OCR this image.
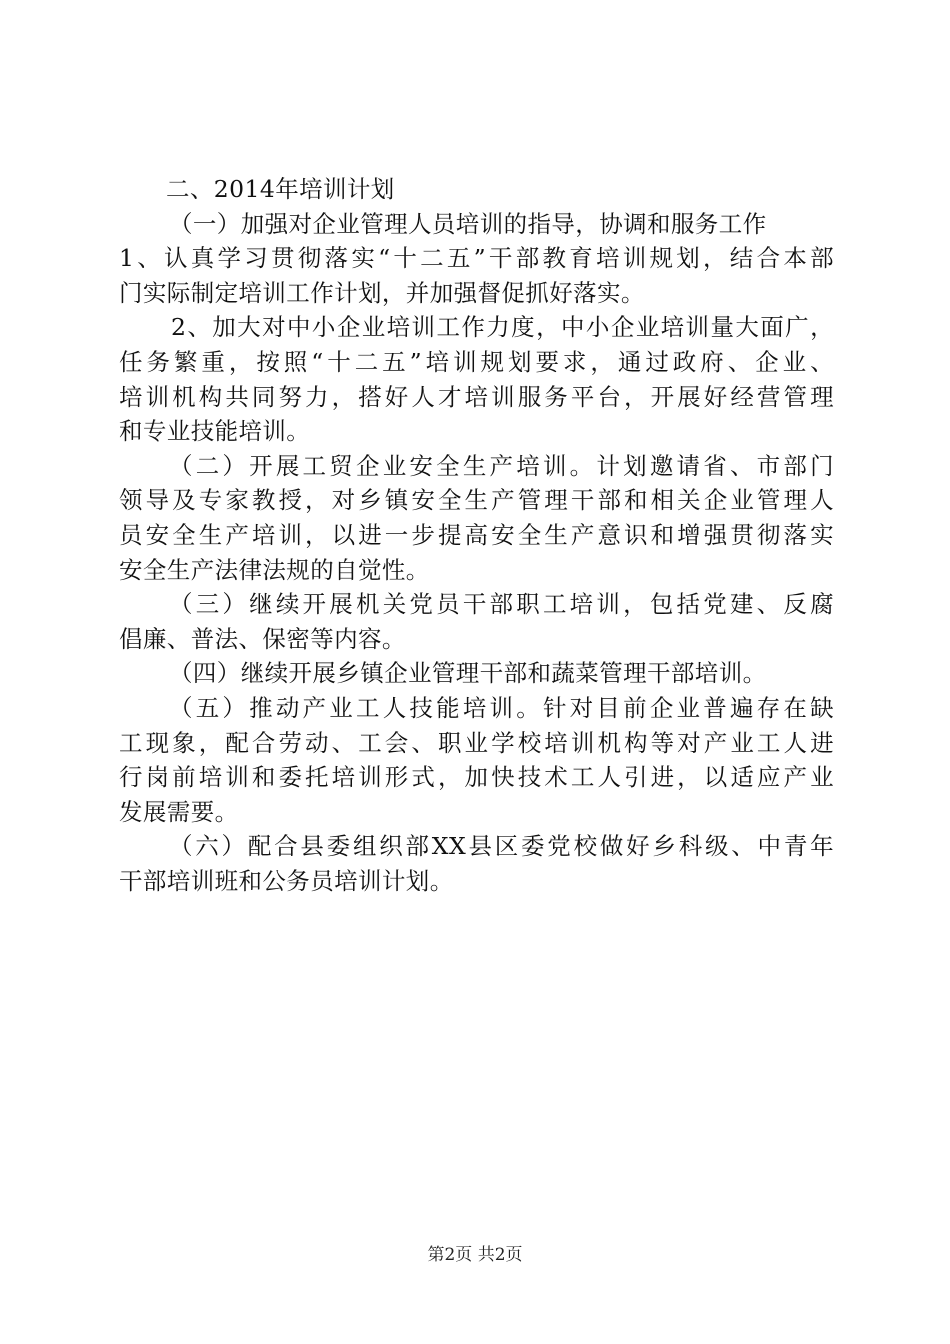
二、2014年培训计划
（一）加强对企业管理人员培训的指导，协调和服务工作
1、认真学习贯彻落实“十二五”干部教育培训规划，结合本部
门实际制定培训工作计划，并加强督促抓好落实。
2、加大对中小企业培训工作力度，中小企业培训量大面广，
任务繁重，按照“十二五”培训规划要求，通过政府、企业、
培训机构共同努力，搭好人才培训服务平台，开展好经营管理
和专业技能培训。
（二）开展工贸企业安全生产培训。计划邀请省、市部门
领导及专家教授，对乡镇安全生产管理干部和相关企业管理人
员安全生产培训，以进一步提高安全生产意识和增强贯彻落实
安全生产法律法规的自觉性。
（三）继续开展机关党员干部职工培训，包括党建、反腐
倡廉、普法、保密等内容。
（四）继续开展乡镇企业管理干部和蔬菜管理干部培训。
（五）推动产业工人技能培训。针对目前企业普遍存在缺
工现象，配合劳动、工会、职业学校培训机构等对产业工人进
行岗前培训和委托培训形式，加快技术工人引进，以适应产业
发展需要。
（六）配合县委组织部XX县区委党校做好乡科级、中青年
干部培训班和公务员培训计划。
第2页 共2页
